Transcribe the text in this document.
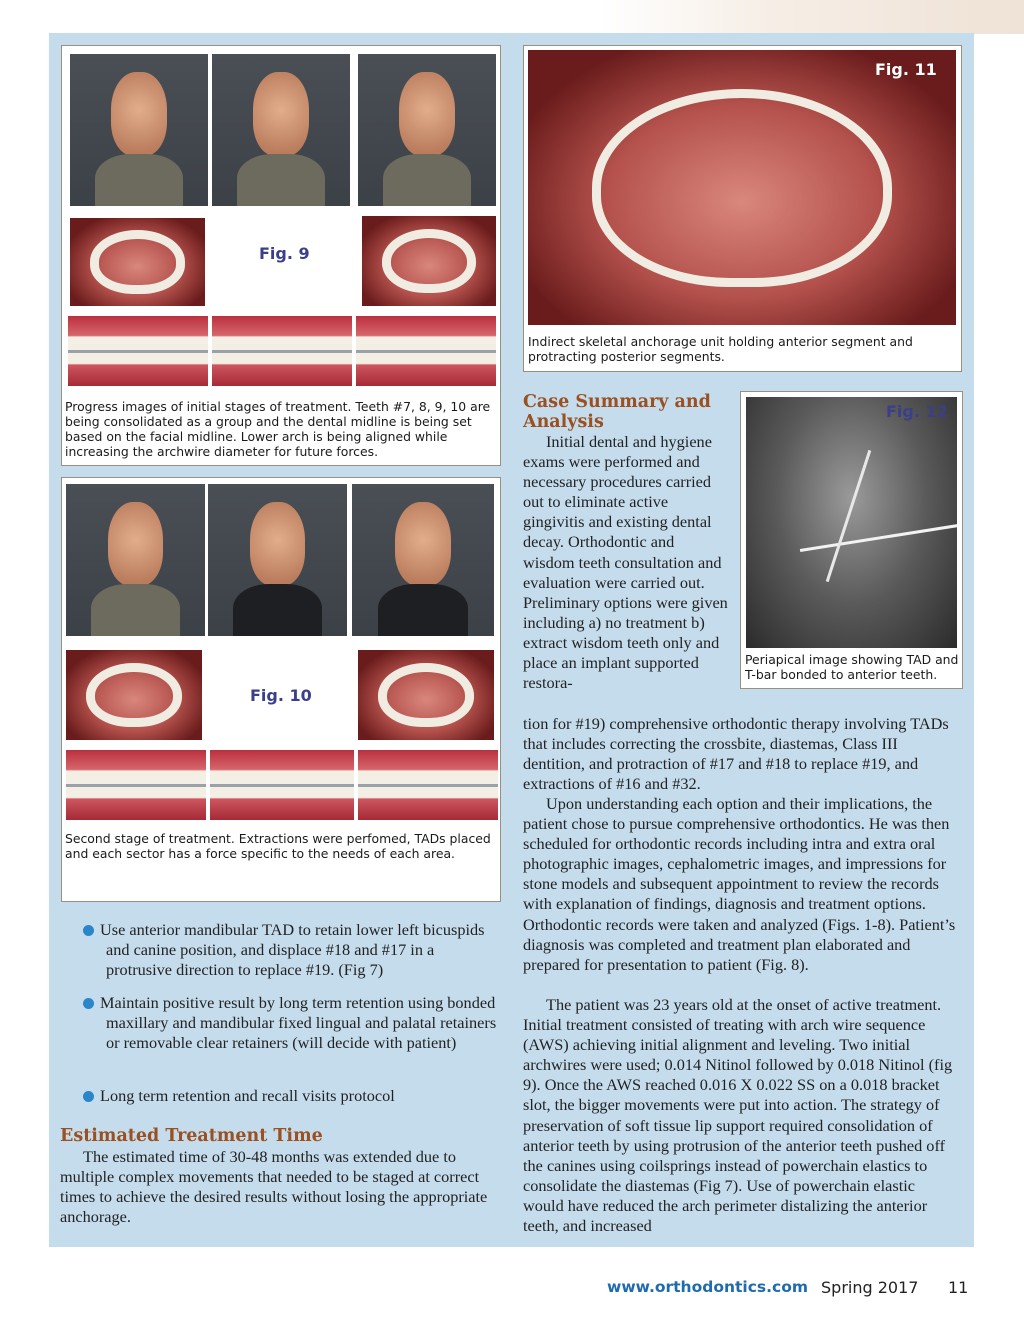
Fig. 9

Progress images of initial stages of treatment. Teeth #7, 8, 9, 10 are being consolidated as a group and the dental midline is being set based on the facial midline. Lower arch is being aligned while increasing the archwire diameter for future forces.

Fig. 10

Second stage of treatment. Extractions were perfomed, TADs placed and each sector has a force specific to the needs of each area.

Fig. 11

Indirect skeletal anchorage unit holding anterior segment and protracting posterior segments.

Fig. 12

Periapical image showing TAD and T-bar bonded to anterior teeth.

Use anterior mandibular TAD to retain lower left bicuspids and canine position, and displace #18 and #17 in a protrusive direction to replace #19. (Fig 7)
Maintain positive result by long term retention using bonded maxillary and mandibular fixed lingual and palatal retainers or removable clear retainers (will decide with patient)
Long term retention and recall visits protocol
Estimated Treatment Time

The estimated time of 30-48 months was extended due to multiple complex movements that needed to be staged at correct times to achieve the desired results without losing the appropriate anchorage.

Case Summary and
Analysis

Initial dental and hygiene exams were performed and necessary procedures carried out to eliminate active gingivitis and existing dental decay. Orthodontic and wisdom teeth consultation and evaluation were carried out. Preliminary options were given including a) no treatment b) extract wisdom teeth only and place an implant supported restora-

tion for #19) comprehensive orthodontic therapy involving TADs that includes correcting the crossbite, diastemas, Class III dentition, and protraction of #17 and #18 to replace #19, and extractions of #16 and #32.

Upon understanding each option and their implications, the patient chose to pursue comprehensive orthodontics. He was then scheduled for orthodontic records including intra and extra oral photographic images, cephalometric images, and impressions for stone models and subsequent appointment to review the records with explanation of findings, diagnosis and treatment options. Orthodontic records were taken and analyzed (Figs. 1-8). Patient’s diagnosis was completed and treatment plan elaborated and prepared for presentation to patient (Fig. 8).

The patient was 23 years old at the onset of active treatment. Initial treatment consisted of treating with arch wire sequence (AWS) achieving initial alignment and leveling. Two initial archwires were used; 0.014 Nitinol followed by 0.018 Nitinol (fig 9). Once the AWS reached 0.016 X 0.022 SS on a 0.018 bracket slot, the bigger movements were put into action. The strategy of preservation of soft tissue lip support required consolidation of anterior teeth by using protrusion of the anterior teeth pushed off the canines using coilsprings instead of powerchain elastics to consolidate the diastemas (Fig 7). Use of powerchain elastic would have reduced the arch perimeter distalizing the anterior teeth, and increased

www.orthodontics.com Spring 2017 11
